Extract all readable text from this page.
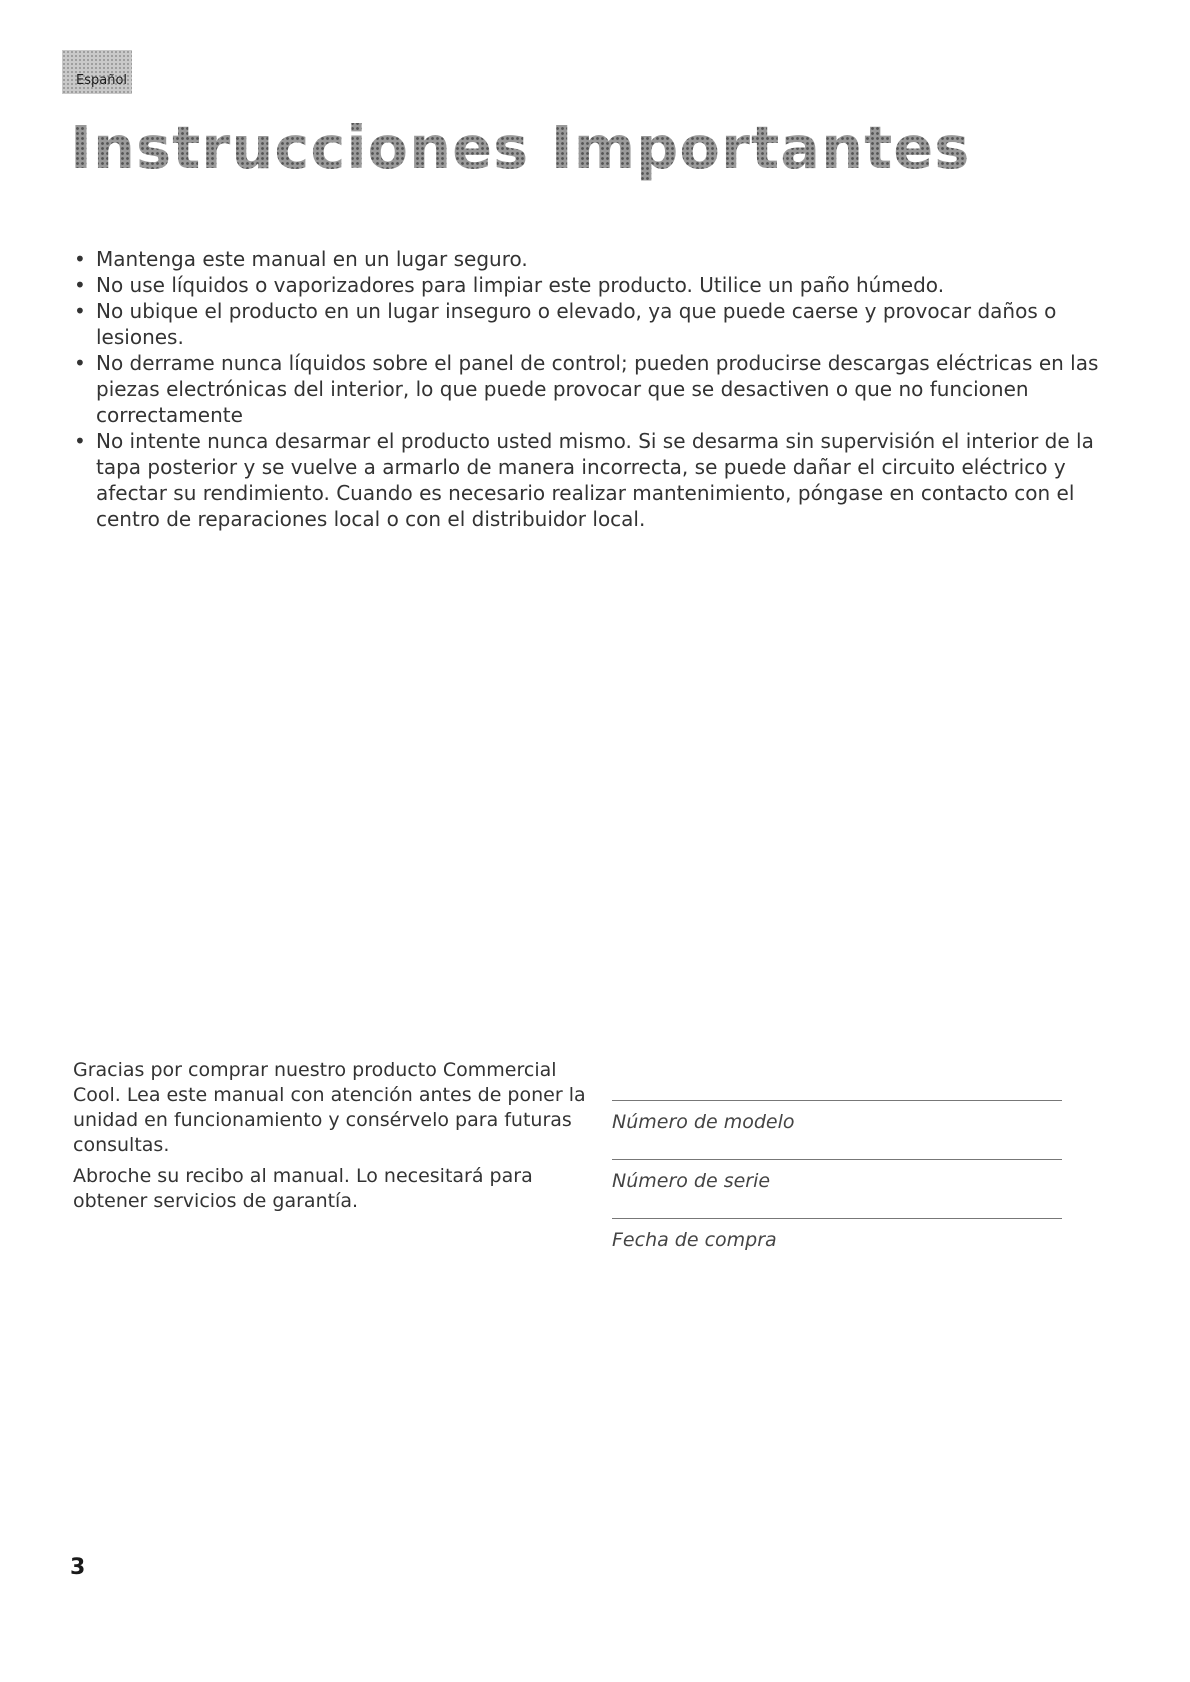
Español
Instrucciones Importantes
• Mantenga este manual en un lugar seguro.
• No use líquidos o vaporizadores para limpiar este producto. Utilice un paño húmedo.
• No ubique el producto en un lugar inseguro o elevado, ya que puede caerse y provocar daños o lesiones.
• No derrame nunca líquidos sobre el panel de control; pueden producirse descargas eléctricas en las piezas electrónicas del interior, lo que puede provocar que se desactiven o que no funcionen correctamente
• No intente nunca desarmar el producto usted mismo. Si se desarma sin supervisión el interior de la tapa posterior y se vuelve a armarlo de manera incorrecta, se puede dañar el circuito eléctrico y afectar su rendimiento. Cuando es necesario realizar mantenimiento, póngase en contacto con el centro de reparaciones local o con el distribuidor local.

Gracias por comprar nuestro producto Commercial Cool. Lea este manual con atención antes de poner la unidad en funcionamiento y consérvelo para futuras consultas.

Abroche su recibo al manual. Lo necesitará para obtener servicios de garantía.

Número de modelo
Número de serie
Fecha de compra
3
